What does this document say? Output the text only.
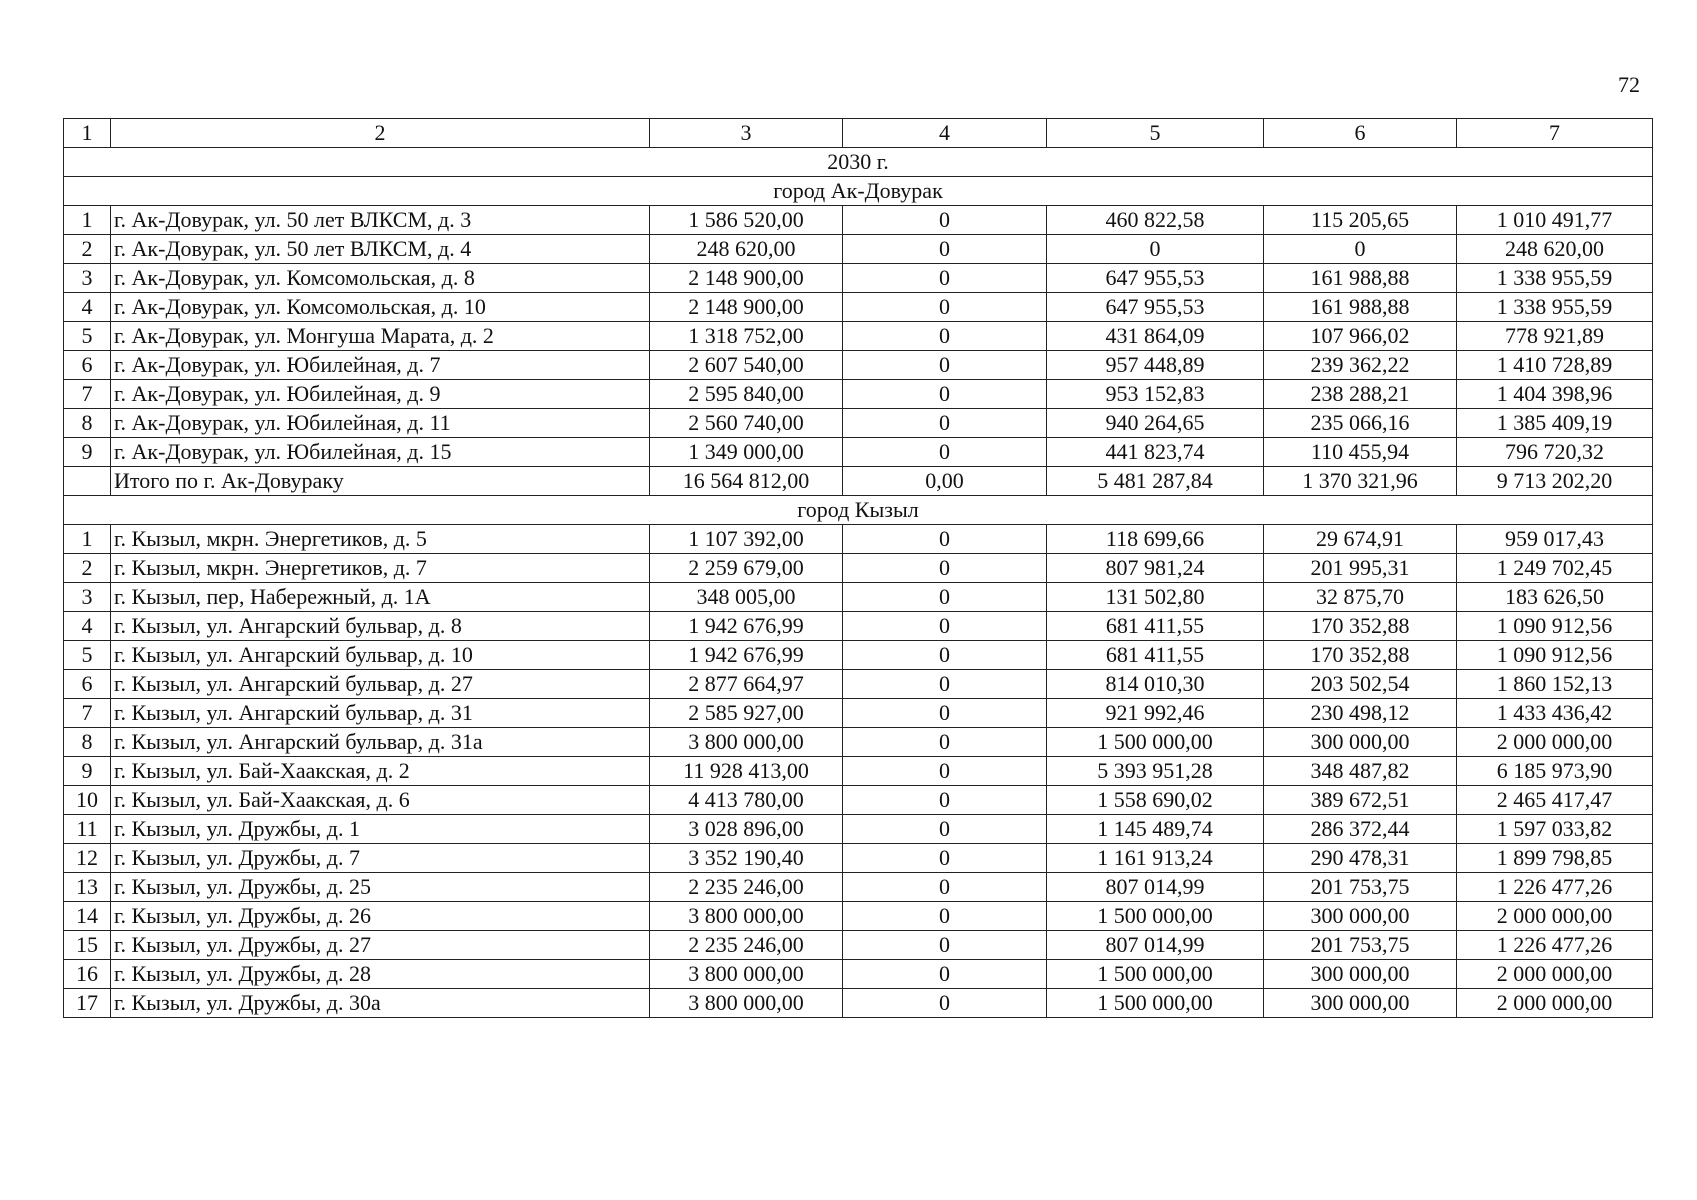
72
1	2	3	4	5	6	7
2030 г.						
город Ак-Довурак						
1	г. Ак-Довурак, ул. 50 лет ВЛКСМ, д. 3	1 586 520,00	0	460 822,58	115 205,65	1 010 491,77
2	г. Ак-Довурак, ул. 50 лет ВЛКСМ, д. 4	248 620,00	0	0	0	248 620,00
3	г. Ак-Довурак, ул. Комсомольская, д. 8	2 148 900,00	0	647 955,53	161 988,88	1 338 955,59
4	г. Ак-Довурак, ул. Комсомольская, д. 10	2 148 900,00	0	647 955,53	161 988,88	1 338 955,59
5	г. Ак-Довурак, ул. Монгуша Марата, д. 2	1 318 752,00	0	431 864,09	107 966,02	778 921,89
6	г. Ак-Довурак, ул. Юбилейная, д. 7	2 607 540,00	0	957 448,89	239 362,22	1 410 728,89
7	г. Ак-Довурак, ул. Юбилейная, д. 9	2 595 840,00	0	953 152,83	238 288,21	1 404 398,96
8	г. Ак-Довурак, ул. Юбилейная, д. 11	2 560 740,00	0	940 264,65	235 066,16	1 385 409,19
9	г. Ак-Довурак, ул. Юбилейная, д. 15	1 349 000,00	0	441 823,74	110 455,94	796 720,32
	Итого по г. Ак-Довураку	16 564 812,00	0,00	5 481 287,84	1 370 321,96	9 713 202,20
город Кызыл						
1	г. Кызыл, мкрн. Энергетиков, д. 5	1 107 392,00	0	118 699,66	29 674,91	959 017,43
2	г. Кызыл, мкрн. Энергетиков, д. 7	2 259 679,00	0	807 981,24	201 995,31	1 249 702,45
3	г. Кызыл, пер, Набережный, д. 1А	348 005,00	0	131 502,80	32 875,70	183 626,50
4	г. Кызыл, ул. Ангарский бульвар, д. 8	1 942 676,99	0	681 411,55	170 352,88	1 090 912,56
5	г. Кызыл, ул. Ангарский бульвар, д. 10	1 942 676,99	0	681 411,55	170 352,88	1 090 912,56
6	г. Кызыл, ул. Ангарский бульвар, д. 27	2 877 664,97	0	814 010,30	203 502,54	1 860 152,13
7	г. Кызыл, ул. Ангарский бульвар, д. 31	2 585 927,00	0	921 992,46	230 498,12	1 433 436,42
8	г. Кызыл, ул. Ангарский бульвар, д. 31а	3 800 000,00	0	1 500 000,00	300 000,00	2 000 000,00
9	г. Кызыл, ул. Бай-Хаакская, д. 2	11 928 413,00	0	5 393 951,28	348 487,82	6 185 973,90
10	г. Кызыл, ул. Бай-Хаакская, д. 6	4 413 780,00	0	1 558 690,02	389 672,51	2 465 417,47
11	г. Кызыл, ул. Дружбы, д. 1	3 028 896,00	0	1 145 489,74	286 372,44	1 597 033,82
12	г. Кызыл, ул. Дружбы, д. 7	3 352 190,40	0	1 161 913,24	290 478,31	1 899 798,85
13	г. Кызыл, ул. Дружбы, д. 25	2 235 246,00	0	807 014,99	201 753,75	1 226 477,26
14	г. Кызыл, ул. Дружбы, д. 26	3 800 000,00	0	1 500 000,00	300 000,00	2 000 000,00
15	г. Кызыл, ул. Дружбы, д. 27	2 235 246,00	0	807 014,99	201 753,75	1 226 477,26
16	г. Кызыл, ул. Дружбы, д. 28	3 800 000,00	0	1 500 000,00	300 000,00	2 000 000,00
17	г. Кызыл, ул. Дружбы, д. 30а	3 800 000,00	0	1 500 000,00	300 000,00	2 000 000,00
